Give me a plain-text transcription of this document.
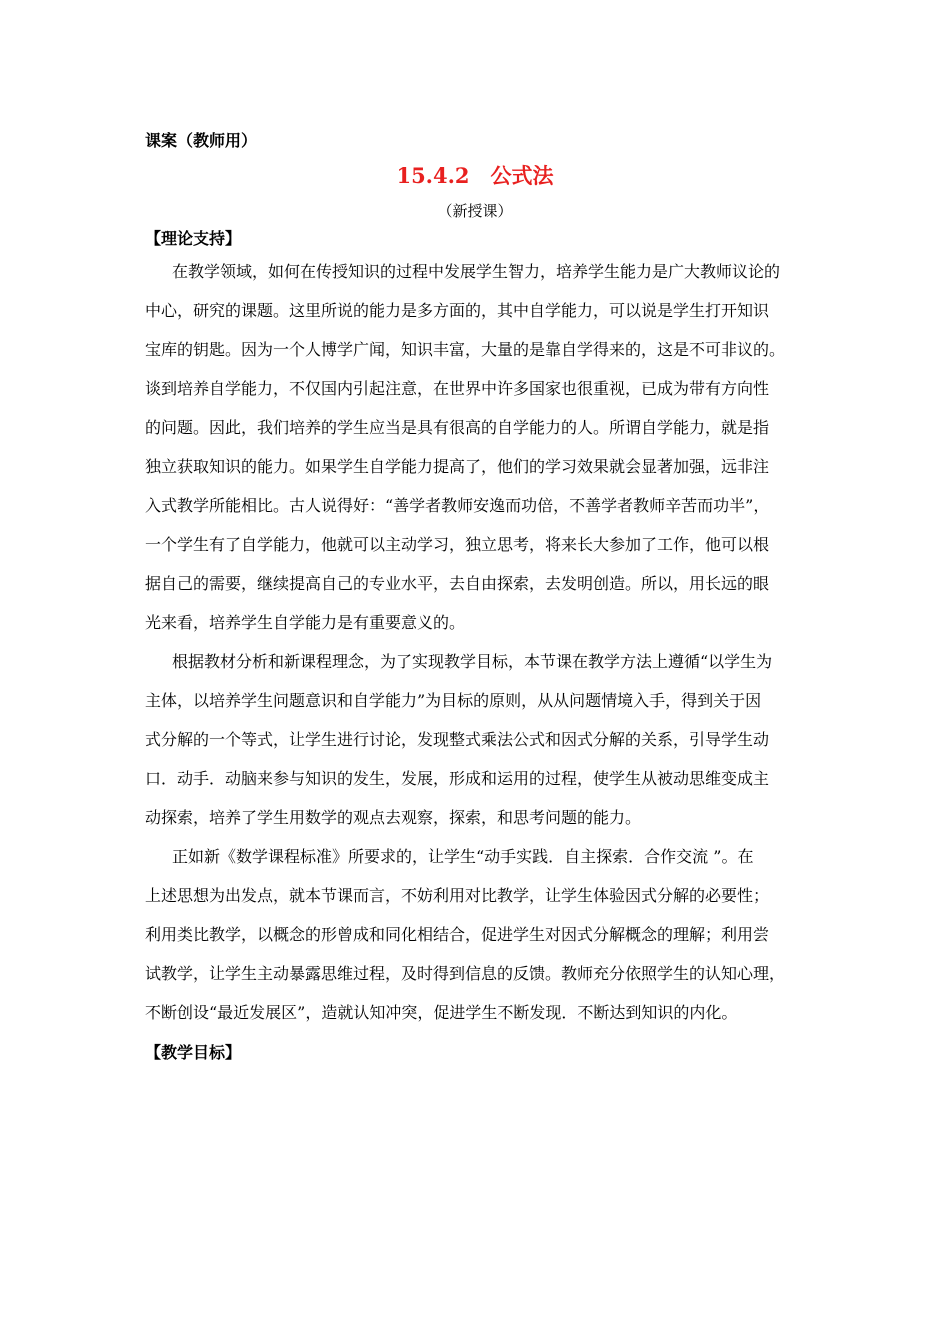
课案（教师用）
15.4.2　公式法
（新授课）
【理论支持】
在教学领域，如何在传授知识的过程中发展学生智力，培养学生能力是广大教师议论的
中心，研究的课题。这里所说的能力是多方面的，其中自学能力，可以说是学生打开知识
宝库的钥匙。因为一个人博学广闻，知识丰富，大量的是靠自学得来的，这是不可非议的。
谈到培养自学能力，不仅国内引起注意，在世界中许多国家也很重视，已成为带有方向性
的问题。因此，我们培养的学生应当是具有很高的自学能力的人。所谓自学能力，就是指
独立获取知识的能力。如果学生自学能力提高了，他们的学习效果就会显著加强，远非注
入式教学所能相比。古人说得好：“善学者教师安逸而功倍，不善学者教师辛苦而功半”，
一个学生有了自学能力，他就可以主动学习，独立思考，将来长大参加了工作，他可以根
据自己的需要，继续提高自己的专业水平，去自由探索，去发明创造。所以，用长远的眼
光来看，培养学生自学能力是有重要意义的。
根据教材分析和新课程理念，为了实现教学目标，本节课在教学方法上遵循“以学生为
主体，以培养学生问题意识和自学能力”为目标的原则，从从问题情境入手，得到关于因
式分解的一个等式，让学生进行讨论，发现整式乘法公式和因式分解的关系，引导学生动
口．动手．动脑来参与知识的发生，发展，形成和运用的过程，使学生从被动思维变成主
动探索，培养了学生用数学的观点去观察，探索，和思考问题的能力。
正如新《数学课程标准》所要求的，让学生“动手实践．自主探索．合作交流 ”。在
上述思想为出发点，就本节课而言，不妨利用对比教学，让学生体验因式分解的必要性；
利用类比教学，以概念的形曾成和同化相结合，促进学生对因式分解概念的理解；利用尝
试教学，让学生主动暴露思维过程，及时得到信息的反馈。教师充分依照学生的认知心理，
不断创设“最近发展区”，造就认知冲突，促进学生不断发现．不断达到知识的内化。
【教学目标】
